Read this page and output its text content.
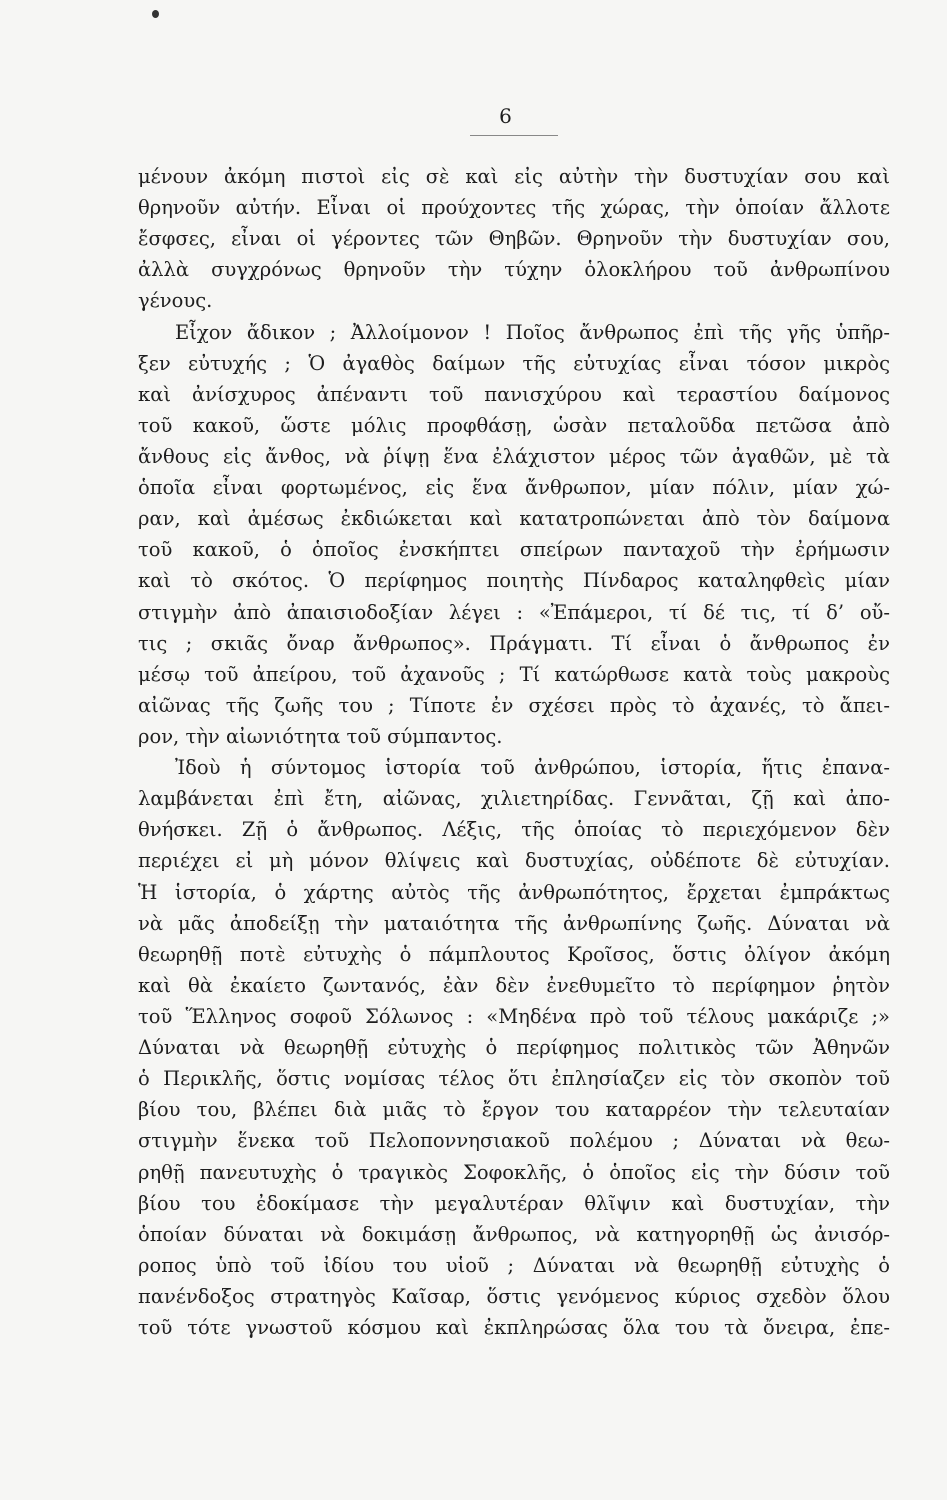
6
μένουν ἀκόμη πιστοὶ εἰς σὲ καὶ εἰς αὐτὴν τὴν δυστυχίαν σου καὶ
θρηνοῦν αὐτήν. Εἶναι οἱ προύχοντες τῆς χώρας, τὴν ὁποίαν ἄλλοτε
ἔσφσες, εἶναι οἱ γέροντες τῶν Θηβῶν. Θρηνοῦν τὴν δυστυχίαν σου,
ἀλλὰ συγχρόνως θρηνοῦν τὴν τύχην ὁλοκλήρου τοῦ ἀνθρωπίνου
γένους.
Εἶχον ἄδικον ; Ἀλλοίμονον ! Ποῖος ἄνθρωπος ἐπὶ τῆς γῆς ὑπῆρ-
ξεν εὐτυχής ; Ὁ ἀγαθὸς δαίμων τῆς εὐτυχίας εἶναι τόσον μικρὸς
καὶ ἀνίσχυρος ἀπέναντι τοῦ πανισχύρου καὶ τεραστίου δαίμονος
τοῦ κακοῦ, ὥστε μόλις προφθάσῃ, ὡσὰν πεταλοῦδα πετῶσα ἀπὸ
ἄνθους εἰς ἄνθος, νὰ ῥίψῃ ἕνα ἐλάχιστον μέρος τῶν ἀγαθῶν, μὲ τὰ
ὁποῖα εἶναι φορτωμένος, εἰς ἕνα ἄνθρωπον, μίαν πόλιν, μίαν χώ-
ραν, καὶ ἀμέσως ἐκδιώκεται καὶ κατατροπώνεται ἀπὸ τὸν δαίμονα
τοῦ κακοῦ, ὁ ὁποῖος ἐνσκήπτει σπείρων πανταχοῦ τὴν ἐρήμωσιν
καὶ τὸ σκότος. Ὁ περίφημος ποιητὴς Πίνδαρος καταληφθεὶς μίαν
στιγμὴν ἀπὸ ἀπαισιοδοξίαν λέγει : «Ἐπάμεροι, τί δέ τις, τί δ’ οὔ-
τις ; σκιᾶς ὄναρ ἄνθρωπος». Πράγματι. Τί εἶναι ὁ ἄνθρωπος ἐν
μέσῳ τοῦ ἀπείρου, τοῦ ἀχανοῦς ; Τί κατώρθωσε κατὰ τοὺς μακροὺς
αἰῶνας τῆς ζωῆς του ; Τίποτε ἐν σχέσει πρὸς τὸ ἀχανές, τὸ ἄπει-
ρον, τὴν αἰωνιότητα τοῦ σύμπαντος.
Ἰδοὺ ἡ σύντομος ἱστορία τοῦ ἀνθρώπου, ἱστορία, ἥτις ἐπανα-
λαμβάνεται ἐπὶ ἔτη, αἰῶνας, χιλιετηρίδας. Γεννᾶται, ζῇ καὶ ἀπο-
θνήσκει. Ζῇ ὁ ἄνθρωπος. Λέξις, τῆς ὁποίας τὸ περιεχόμενον δὲν
περιέχει εἰ μὴ μόνον θλίψεις καὶ δυστυχίας, οὐδέποτε δὲ εὐτυχίαν.
Ἡ ἱστορία, ὁ χάρτης αὐτὸς τῆς ἀνθρωπότητος, ἔρχεται ἐμπράκτως
νὰ μᾶς ἀποδείξῃ τὴν ματαιότητα τῆς ἀνθρωπίνης ζωῆς. Δύναται νὰ
θεωρηθῇ ποτὲ εὐτυχὴς ὁ πάμπλουτος Κροῖσος, ὅστις ὀλίγον ἀκόμη
καὶ θὰ ἐκαίετο ζωντανός, ἐὰν δὲν ἐνεθυμεῖτο τὸ περίφημον ῥητὸν
τοῦ Ἕλληνος σοφοῦ Σόλωνος : «Μηδένα πρὸ τοῦ τέλους μακάριζε ;»
Δύναται νὰ θεωρηθῇ εὐτυχὴς ὁ περίφημος πολιτικὸς τῶν Ἀθηνῶν
ὁ Περικλῆς, ὅστις νομίσας τέλος ὅτι ἐπλησίαζεν εἰς τὸν σκοπὸν τοῦ
βίου του, βλέπει διὰ μιᾶς τὸ ἔργον του καταρρέον τὴν τελευταίαν
στιγμὴν ἕνεκα τοῦ Πελοποννησιακοῦ πολέμου ; Δύναται νὰ θεω-
ρηθῇ πανευτυχὴς ὁ τραγικὸς Σοφοκλῆς, ὁ ὁποῖος εἰς τὴν δύσιν τοῦ
βίου του ἐδοκίμασε τὴν μεγαλυτέραν θλῖψιν καὶ δυστυχίαν, τὴν
ὁποίαν δύναται νὰ δοκιμάσῃ ἄνθρωπος, νὰ κατηγορηθῇ ὡς ἀνισόρ-
ροπος ὑπὸ τοῦ ἰδίου του υἱοῦ ; Δύναται νὰ θεωρηθῇ εὐτυχὴς ὁ
πανένδοξος στρατηγὸς Καῖσαρ, ὅστις γενόμενος κύριος σχεδὸν ὅλου
τοῦ τότε γνωστοῦ κόσμου καὶ ἐκπληρώσας ὅλα του τὰ ὄνειρα, ἐπε-
